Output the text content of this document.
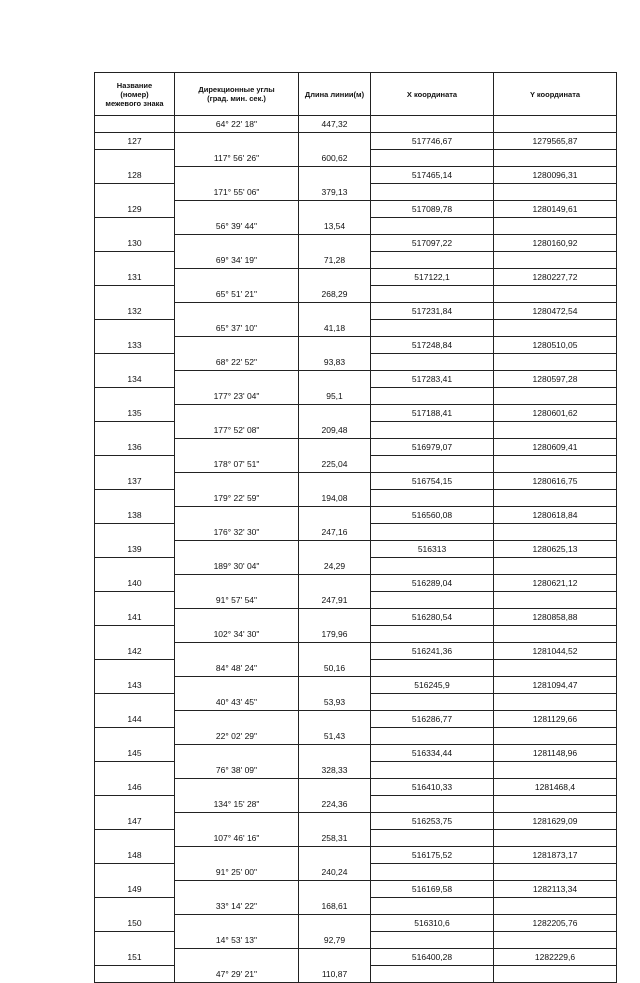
Название
(номер)
межевого знака	Дирекционные углы
(град. мин. сек.)	Длина линии(м)	X координата	Y координата
	64° 22' 18"	447,32		
127			517746,67	1279565,87
	117° 56' 26"	600,62		
128			517465,14	1280096,31
	171° 55' 06"	379,13		
129			517089,78	1280149,61
	56° 39' 44"	13,54		
130			517097,22	1280160,92
	69° 34' 19"	71,28		
131			517122,1	1280227,72
	65° 51' 21"	268,29		
132			517231,84	1280472,54
	65° 37' 10"	41,18		
133			517248,84	1280510,05
	68° 22' 52"	93,83		
134			517283,41	1280597,28
	177° 23' 04"	95,1		
135			517188,41	1280601,62
	177° 52' 08"	209,48		
136			516979,07	1280609,41
	178° 07' 51"	225,04		
137			516754,15	1280616,75
	179° 22' 59"	194,08		
138			516560,08	1280618,84
	176° 32' 30"	247,16		
139			516313	1280625,13
	189° 30' 04"	24,29		
140			516289,04	1280621,12
	91° 57' 54"	247,91		
141			516280,54	1280858,88
	102° 34' 30"	179,96		
142			516241,36	1281044,52
	84° 48' 24"	50,16		
143			516245,9	1281094,47
	40° 43' 45"	53,93		
144			516286,77	1281129,66
	22° 02' 29"	51,43		
145			516334,44	1281148,96
	76° 38' 09"	328,33		
146			516410,33	1281468,4
	134° 15' 28"	224,36		
147			516253,75	1281629,09
	107° 46' 16"	258,31		
148			516175,52	1281873,17
	91° 25' 00"	240,24		
149			516169,58	1282113,34
	33° 14' 22"	168,61		
150			516310,6	1282205,76
	14° 53' 13"	92,79		
151			516400,28	1282229,6
	47° 29' 21"	110,87		
